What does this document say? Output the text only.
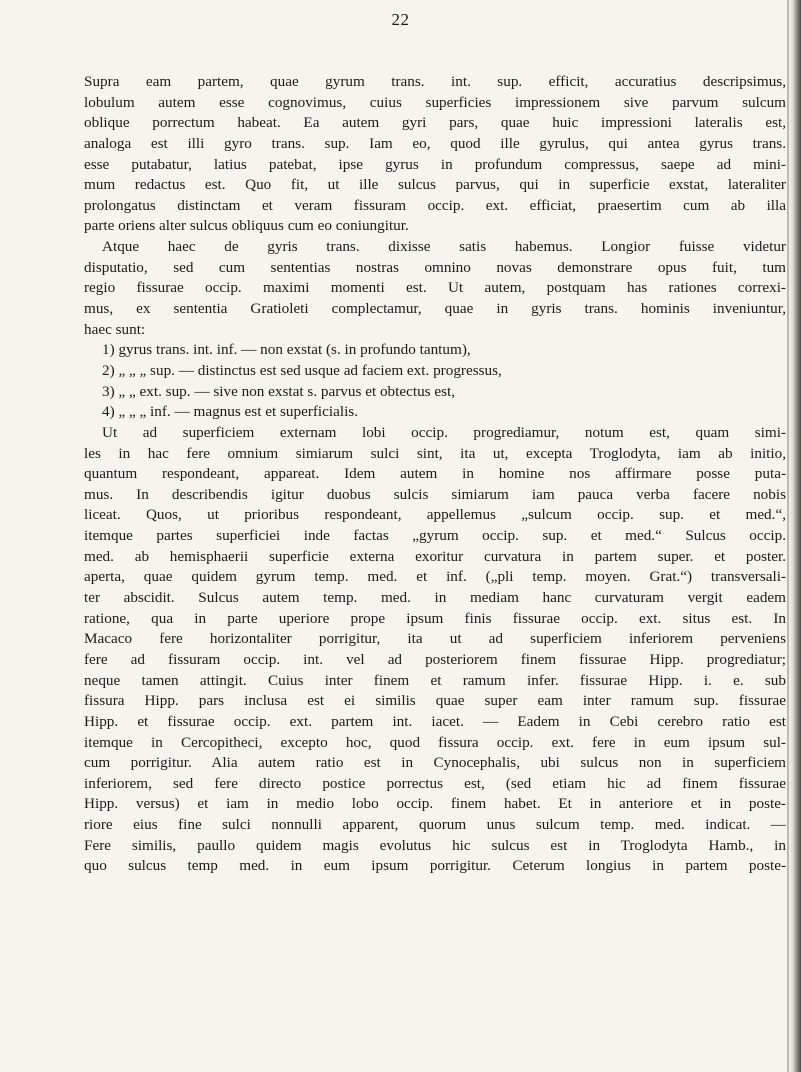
22
Supra eam partem, quae gyrum trans. int. sup. efficit, accuratius descripsimus,
lobulum autem esse cognovimus, cuius superficies impressionem sive parvum sulcum
oblique porrectum habeat. Ea autem gyri pars, quae huic impressioni lateralis est,
analoga est illi gyro trans. sup. Iam eo, quod ille gyrulus, qui antea gyrus trans.
esse putabatur, latius patebat, ipse gyrus in profundum compressus, saepe ad mini-
mum redactus est. Quo fit, ut ille sulcus parvus, qui in superficie exstat, lateraliter
prolongatus distinctam et veram fissuram occip. ext. efficiat, praesertim cum ab illa
parte oriens alter sulcus obliquus cum eo coniungitur.
Atque haec de gyris trans. dixisse satis habemus. Longior fuisse videtur
disputatio, sed cum sententias nostras omnino novas demonstrare opus fuit, tum
regio fissurae occip. maximi momenti est. Ut autem, postquam has rationes correxi-
mus, ex sententia Gratioleti complectamur, quae in gyris trans. hominis inveniuntur,
haec sunt:
1) gyrus trans. int. inf. — non exstat (s. in profundo tantum),
2) „ „ „ sup. — distinctus est sed usque ad faciem ext. progressus,
3) „ „ ext. sup. — sive non exstat s. parvus et obtectus est,
4) „ „ „ inf. — magnus est et superficialis.
Ut ad superficiem externam lobi occip. progrediamur, notum est, quam simi-
les in hac fere omnium simiarum sulci sint, ita ut, excepta Troglodyta, iam ab initio,
quantum respondeant, appareat. Idem autem in homine nos affirmare posse puta-
mus. In describendis igitur duobus sulcis simiarum iam pauca verba facere nobis
liceat. Quos, ut prioribus respondeant, appellemus „sulcum occip. sup. et med.“,
itemque partes superficiei inde factas „gyrum occip. sup. et med.“ Sulcus occip.
med. ab hemisphaerii superficie externa exoritur curvatura in partem super. et poster.
aperta, quae quidem gyrum temp. med. et inf. („pli temp. moyen. Grat.“) transversali-
ter abscidit. Sulcus autem temp. med. in mediam hanc curvaturam vergit eadem
ratione, qua in parte uperiore prope ipsum finis fissurae occip. ext. situs est. In
Macaco fere horizontaliter porrigitur, ita ut ad superficiem inferiorem perveniens
fere ad fissuram occip. int. vel ad posteriorem finem fissurae Hipp. progrediatur;
neque tamen attingit. Cuius inter finem et ramum infer. fissurae Hipp. i. e. sub
fissura Hipp. pars inclusa est ei similis quae super eam inter ramum sup. fissurae
Hipp. et fissurae occip. ext. partem int. iacet. — Eadem in Cebi cerebro ratio est
itemque in Cercopitheci, excepto hoc, quod fissura occip. ext. fere in eum ipsum sul-
cum porrigitur. Alia autem ratio est in Cynocephalis, ubi sulcus non in superficiem
inferiorem, sed fere directo postice porrectus est, (sed etiam hic ad finem fissurae
Hipp. versus) et iam in medio lobo occip. finem habet. Et in anteriore et in poste-
riore eius fine sulci nonnulli apparent, quorum unus sulcum temp. med. indicat. —
Fere similis, paullo quidem magis evolutus hic sulcus est in Troglodyta Hamb., in
quo sulcus temp med. in eum ipsum porrigitur. Ceterum longius in partem poste-
